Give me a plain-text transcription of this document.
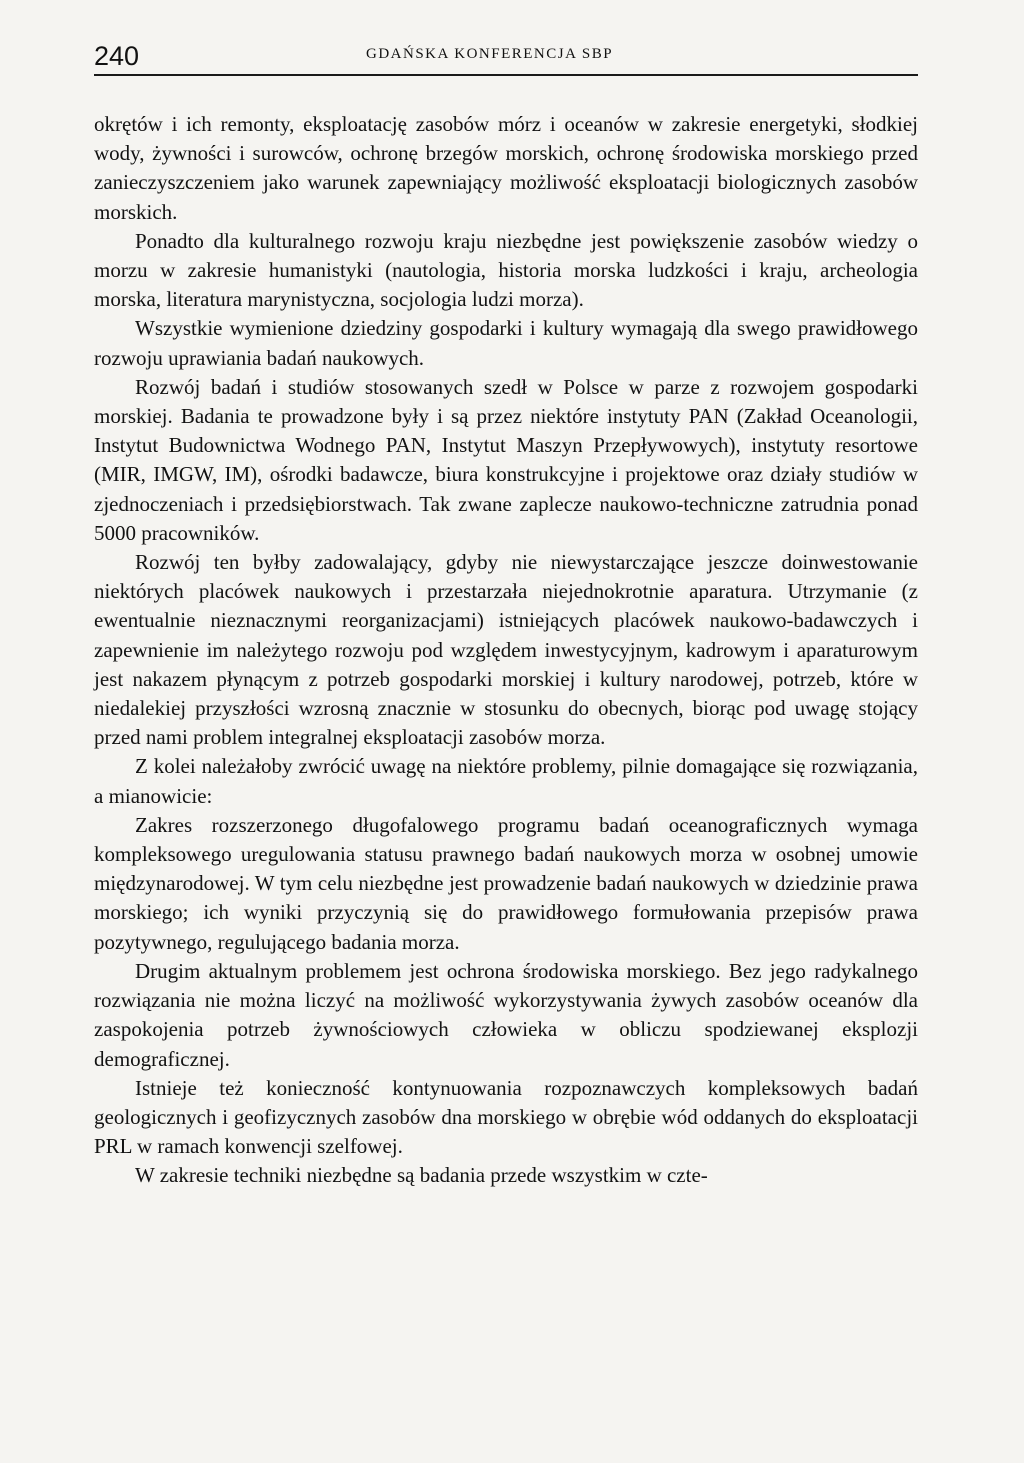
240	GDAŃSKA KONFERENCJA SBP

okrętów i ich remonty, eksploatację zasobów mórz i oceanów w zakresie energetyki, słodkiej wody, żywności i surowców, ochronę brzegów morskich, ochronę środowiska morskiego przed zanieczyszczeniem jako warunek zapewniający możliwość eksploatacji biologicznych zasobów morskich.

Ponadto dla kulturalnego rozwoju kraju niezbędne jest powiększenie zasobów wiedzy o morzu w zakresie humanistyki (nautologia, historia morska ludzkości i kraju, archeologia morska, literatura marynistyczna, socjologia ludzi morza).

Wszystkie wymienione dziedziny gospodarki i kultury wymagają dla swego prawidłowego rozwoju uprawiania badań naukowych.

Rozwój badań i studiów stosowanych szedł w Polsce w parze z rozwojem gospodarki morskiej. Badania te prowadzone były i są przez niektóre instytuty PAN (Zakład Oceanologii, Instytut Budownictwa Wodnego PAN, Instytut Maszyn Przepływowych), instytuty resortowe (MIR, IMGW, IM), ośrodki badawcze, biura konstrukcyjne i projektowe oraz działy studiów w zjednoczeniach i przedsiębiorstwach. Tak zwane zaplecze naukowo-techniczne zatrudnia ponad 5000 pracowników.

Rozwój ten byłby zadowalający, gdyby nie niewystarczające jeszcze doinwestowanie niektórych placówek naukowych i przestarzała niejednokrotnie aparatura. Utrzymanie (z ewentualnie nieznacznymi reorganizacjami) istniejących placówek naukowo-badawczych i zapewnienie im należytego rozwoju pod względem inwestycyjnym, kadrowym i aparaturowym jest nakazem płynącym z potrzeb gospodarki morskiej i kultury narodowej, potrzeb, które w niedalekiej przyszłości wzrosną znacznie w stosunku do obecnych, biorąc pod uwagę stojący przed nami problem integralnej eksploatacji zasobów morza.

Z kolei należałoby zwrócić uwagę na niektóre problemy, pilnie domagające się rozwiązania, a mianowicie:

Zakres rozszerzonego długofalowego programu badań oceanograficznych wymaga kompleksowego uregulowania statusu prawnego badań naukowych morza w osobnej umowie międzynarodowej. W tym celu niezbędne jest prowadzenie badań naukowych w dziedzinie prawa morskiego; ich wyniki przyczynią się do prawidłowego formułowania przepisów prawa pozytywnego, regulującego badania morza.

Drugim aktualnym problemem jest ochrona środowiska morskiego. Bez jego radykalnego rozwiązania nie można liczyć na możliwość wykorzystywania żywych zasobów oceanów dla zaspokojenia potrzeb żywnościowych człowieka w obliczu spodziewanej eksplozji demograficznej.

Istnieje też konieczność kontynuowania rozpoznawczych kompleksowych badań geologicznych i geofizycznych zasobów dna morskiego w obrębie wód oddanych do eksploatacji PRL w ramach konwencji szelfowej.

W zakresie techniki niezbędne są badania przede wszystkim w czte-
